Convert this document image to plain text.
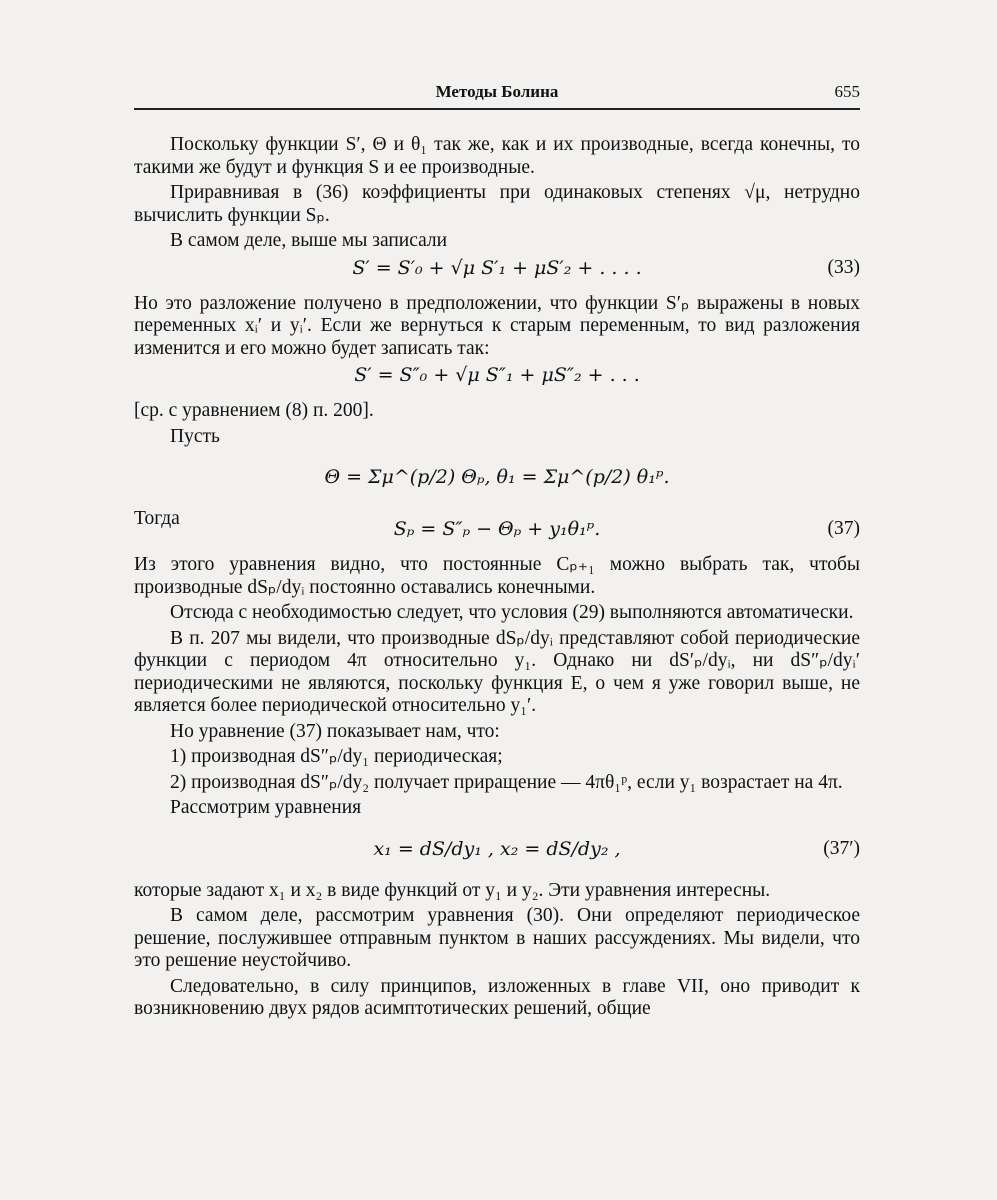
Методы Болина	655

Поскольку функции S′, Θ и θ₁ так же, как и их производные, всегда конечны, то такими же будут и функция S и ее производные.

Приравнивая в (36) коэффициенты при одинаковых степенях √μ, нетрудно вычислить функции Sₚ.

В самом деле, выше мы записали

S′ = S′₀ + √μ S′₁ + μS′₂ + . . . .	(33)

Но это разложение получено в предположении, что функции S′ₚ выражены в новых переменных xᵢ′ и yᵢ′. Если же вернуться к старым переменным, то вид разложения изменится и его можно будет записать так:

S′ = S″₀ + √μ S″₁ + μS″₂ + . . .

[ср. с уравнением (8) п. 200].

Пусть

Θ = Σμ^(p/2) Θₚ, θ₁ = Σμ^(p/2) θ₁ᵖ.
Тогда	Sₚ = S″ₚ − Θₚ + y₁θ₁ᵖ.	(37)

Из этого уравнения видно, что постоянные Cₚ₊₁ можно выбрать так, чтобы производные dSₚ/dyᵢ постоянно оставались конечными.

Отсюда с необходимостью следует, что условия (29) выполняются автоматически.

В п. 207 мы видели, что производные dSₚ/dyᵢ представляют собой периодические функции с периодом 4π относительно y₁. Однако ни dS′ₚ/dyᵢ, ни dS″ₚ/dyᵢ′ периодическими не являются, поскольку функция E, о чем я уже говорил выше, не является более периодической относительно y₁′.

Но уравнение (37) показывает нам, что:

1) производная dS″ₚ/dy₁ периодическая;

2) производная dS″ₚ/dy₂ получает приращение — 4πθ₁ᵖ, если y₁ возрастает на 4π.

Рассмотрим уравнения

x₁ = dS/dy₁ , x₂ = dS/dy₂ ,	(37′)

которые задают x₁ и x₂ в виде функций от y₁ и y₂. Эти уравнения интересны.

В самом деле, рассмотрим уравнения (30). Они определяют периодическое решение, послужившее отправным пунктом в наших рассуждениях. Мы видели, что это решение неустойчиво.

Следовательно, в силу принципов, изложенных в главе VII, оно приводит к возникновению двух рядов асимптотических решений, общие
